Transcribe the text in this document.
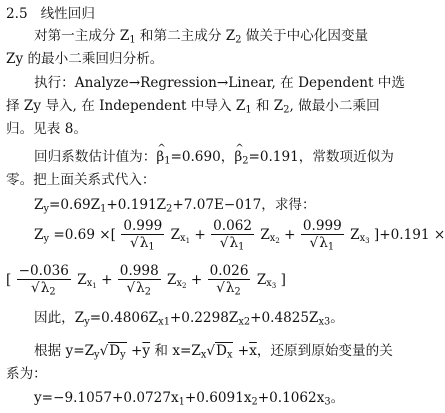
2.5 线性回归
对第一主成分 $Z_1$ 和第二主成分 $Z_2$ 做关于中心化因变量
Zy 的最小二乘回归分析。
执行：Analyze→Regression→Linear, 在 Dependent 中选
择 Zy 导入, 在 Independent 中导入 $Z_1$ 和 $Z_2$, 做最小二乘回
归。见表 8。
回归系数估计值为：^ $\beta_1=0.690$，^ $\beta_2=0.191$，常数项近似为
零。把上面关系式代入：
$Z_y=0.69Z_1+0.191Z_2+7.07E-017$，求得：
$Z_y =0.69$ ×[ $\frac{0.999}{√\lambda_1} Z_{x_1} + \frac{0.062}{√\lambda_1} Z_{x_2} + \frac{0.999}{√\lambda_1} Z_{x_3}$ ]+0.191 ×
[ $\frac{-0.036}{√\lambda_2} Z_{x_1} + \frac{0.998}{√\lambda_2} Z_{x_2} + \frac{0.026}{√\lambda_2} Z_{x_3}$ ]
因此，$Z_y=0.4806Z_{x1}+0.2298Z_{x2}+0.4825Z_{x3}$。
根据 $y=Z_y√D_y +\overline{y}$ 和 $x=Z_x√D_x +\overline{x}$，还原到原始变量的关
系为：
$y=-9.1057+0.0727x_1+0.6091x_2+0.1062x_3$。
